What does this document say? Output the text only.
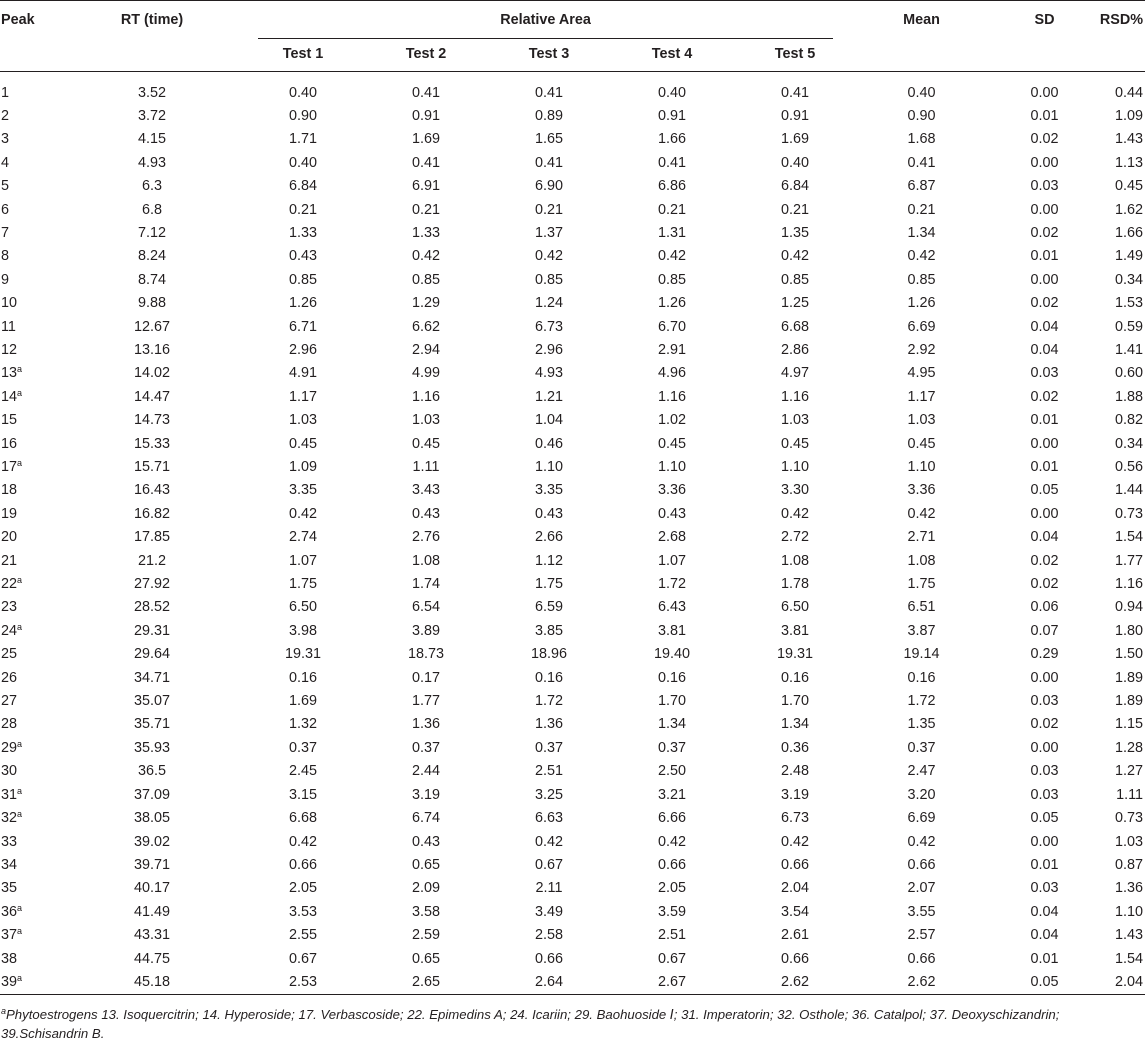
Peak	RT (time)	Relative Area					Mean	SD	RSD%
		Test 1	Test 2	Test 3	Test 4	Test 5			
1	3.52	0.40	0.41	0.41	0.40	0.41	0.40	0.00	0.44
2	3.72	0.90	0.91	0.89	0.91	0.91	0.90	0.01	1.09
3	4.15	1.71	1.69	1.65	1.66	1.69	1.68	0.02	1.43
4	4.93	0.40	0.41	0.41	0.41	0.40	0.41	0.00	1.13
5	6.3	6.84	6.91	6.90	6.86	6.84	6.87	0.03	0.45
6	6.8	0.21	0.21	0.21	0.21	0.21	0.21	0.00	1.62
7	7.12	1.33	1.33	1.37	1.31	1.35	1.34	0.02	1.66
8	8.24	0.43	0.42	0.42	0.42	0.42	0.42	0.01	1.49
9	8.74	0.85	0.85	0.85	0.85	0.85	0.85	0.00	0.34
10	9.88	1.26	1.29	1.24	1.26	1.25	1.26	0.02	1.53
11	12.67	6.71	6.62	6.73	6.70	6.68	6.69	0.04	0.59
12	13.16	2.96	2.94	2.96	2.91	2.86	2.92	0.04	1.41
13$^a$	14.02	4.91	4.99	4.93	4.96	4.97	4.95	0.03	0.60
14$^a$	14.47	1.17	1.16	1.21	1.16	1.16	1.17	0.02	1.88
15	14.73	1.03	1.03	1.04	1.02	1.03	1.03	0.01	0.82
16	15.33	0.45	0.45	0.46	0.45	0.45	0.45	0.00	0.34
17$^a$	15.71	1.09	1.11	1.10	1.10	1.10	1.10	0.01	0.56
18	16.43	3.35	3.43	3.35	3.36	3.30	3.36	0.05	1.44
19	16.82	0.42	0.43	0.43	0.43	0.42	0.42	0.00	0.73
20	17.85	2.74	2.76	2.66	2.68	2.72	2.71	0.04	1.54
21	21.2	1.07	1.08	1.12	1.07	1.08	1.08	0.02	1.77
22$^a$	27.92	1.75	1.74	1.75	1.72	1.78	1.75	0.02	1.16
23	28.52	6.50	6.54	6.59	6.43	6.50	6.51	0.06	0.94
24$^a$	29.31	3.98	3.89	3.85	3.81	3.81	3.87	0.07	1.80
25	29.64	19.31	18.73	18.96	19.40	19.31	19.14	0.29	1.50
26	34.71	0.16	0.17	0.16	0.16	0.16	0.16	0.00	1.89
27	35.07	1.69	1.77	1.72	1.70	1.70	1.72	0.03	1.89
28	35.71	1.32	1.36	1.36	1.34	1.34	1.35	0.02	1.15
29$^a$	35.93	0.37	0.37	0.37	0.37	0.36	0.37	0.00	1.28
30	36.5	2.45	2.44	2.51	2.50	2.48	2.47	0.03	1.27
31$^a$	37.09	3.15	3.19	3.25	3.21	3.19	3.20	0.03	1.11
32$^a$	38.05	6.68	6.74	6.63	6.66	6.73	6.69	0.05	0.73
33	39.02	0.42	0.43	0.42	0.42	0.42	0.42	0.00	1.03
34	39.71	0.66	0.65	0.67	0.66	0.66	0.66	0.01	0.87
35	40.17	2.05	2.09	2.11	2.05	2.04	2.07	0.03	1.36
36$^a$	41.49	3.53	3.58	3.49	3.59	3.54	3.55	0.04	1.10
37$^a$	43.31	2.55	2.59	2.58	2.51	2.61	2.57	0.04	1.43
38	44.75	0.67	0.65	0.66	0.67	0.66	0.66	0.01	1.54
39$^a$	45.18	2.53	2.65	2.64	2.67	2.62	2.62	0.05	2.04
$^a$Phytoestrogens 13. Isoquercitrin; 14. Hyperoside; 17. Verbascoside; 22. Epimedins A; 24. Icariin; 29. Baohuoside Ⅰ; 31. Imperatorin; 32. Osthole; 36. Catalpol; 37. Deoxyschizandrin; 39.Schisandrin B.
